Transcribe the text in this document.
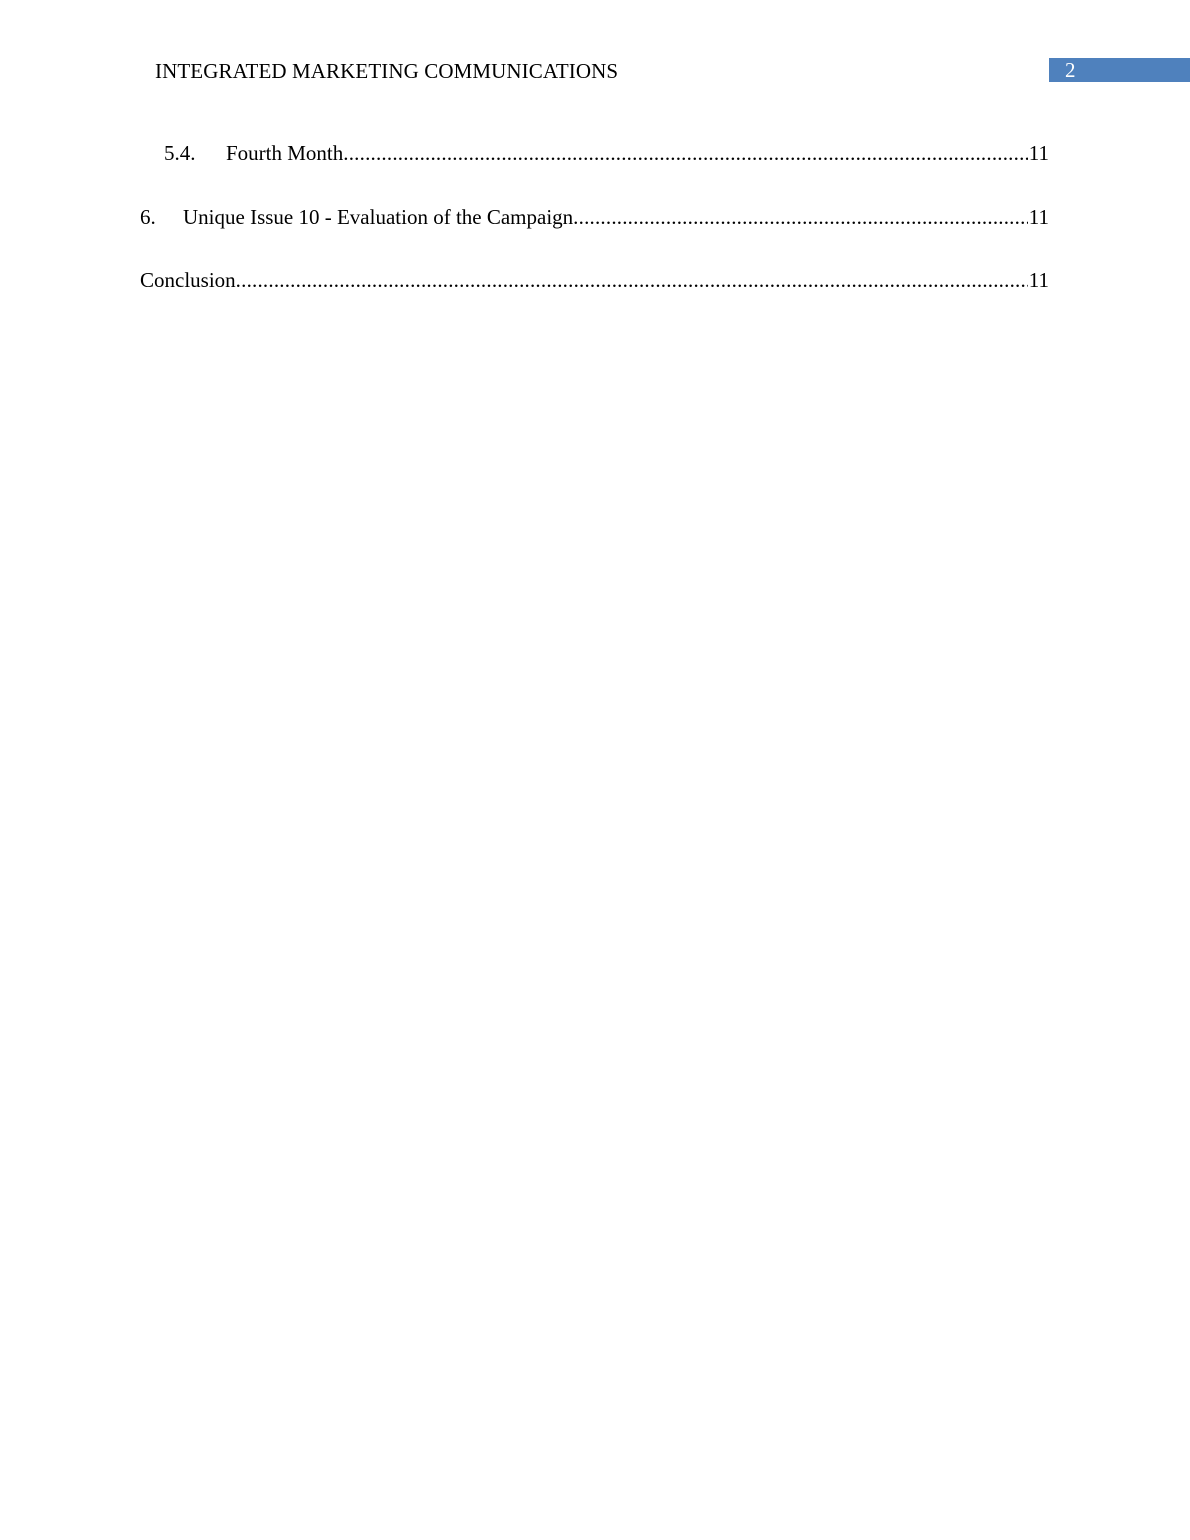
INTEGRATED MARKETING COMMUNICATIONS	2
5.4.	Fourth Month .....	11
6.	Unique Issue 10 - Evaluation of the Campaign .....	11
Conclusion .....	11
